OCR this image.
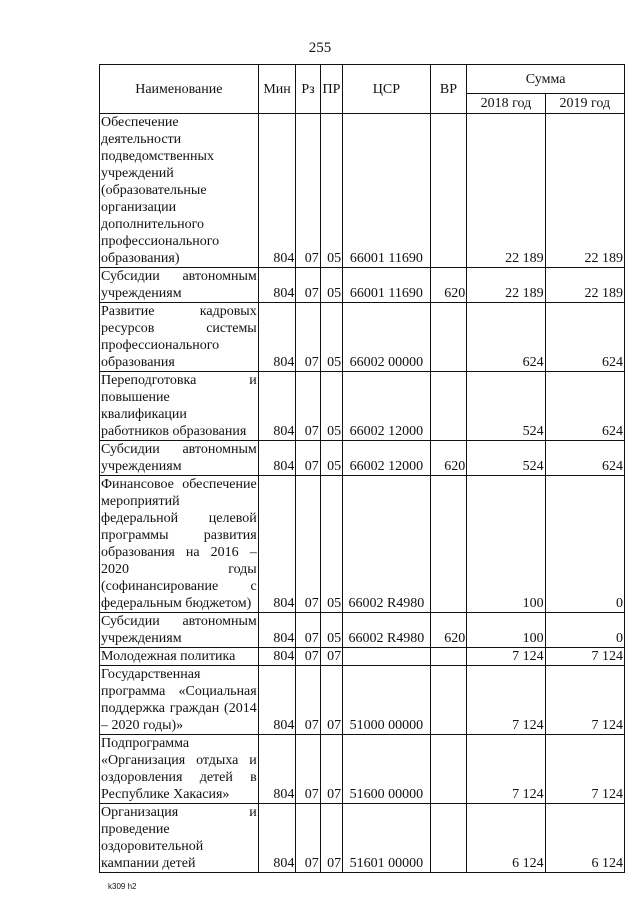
255
Наименование	Мин	Рз	ПР	ЦСР	ВР	Сумма	
						2018 год	2019 год
Обеспечение деятельности подведомственных учреждений (образовательные организации дополнительного профессионального образования)	804	07	05	66001 11690		22 189	22 189
Субсидии автономным учреждениям	804	07	05	66001 11690	620	22 189	22 189
Развитие кадровых ресурсов системы профессионального образования	804	07	05	66002 00000		624	624
Переподготовка и повышение квалификации работников образования	804	07	05	66002 12000		524	624
Субсидии автономным учреждениям	804	07	05	66002 12000	620	524	624
Финансовое обеспечение мероприятий федеральной целевой программы развития образования на 2016 – 2020 годы (софинансирование с федеральным бюджетом)	804	07	05	66002 R4980		100	0
Субсидии автономным учреждениям	804	07	05	66002 R4980	620	100	0
Молодежная политика	804	07	07			7 124	7 124
Государственная программа «Социальная поддержка граждан (2014 – 2020 годы)»	804	07	07	51000 00000		7 124	7 124
Подпрограмма «Организация отдыха и оздоровления детей в Республике Хакасия»	804	07	07	51600 00000		7 124	7 124
Организация и проведение оздоровительной кампании детей	804	07	07	51601 00000		6 124	6 124
k309 h2
